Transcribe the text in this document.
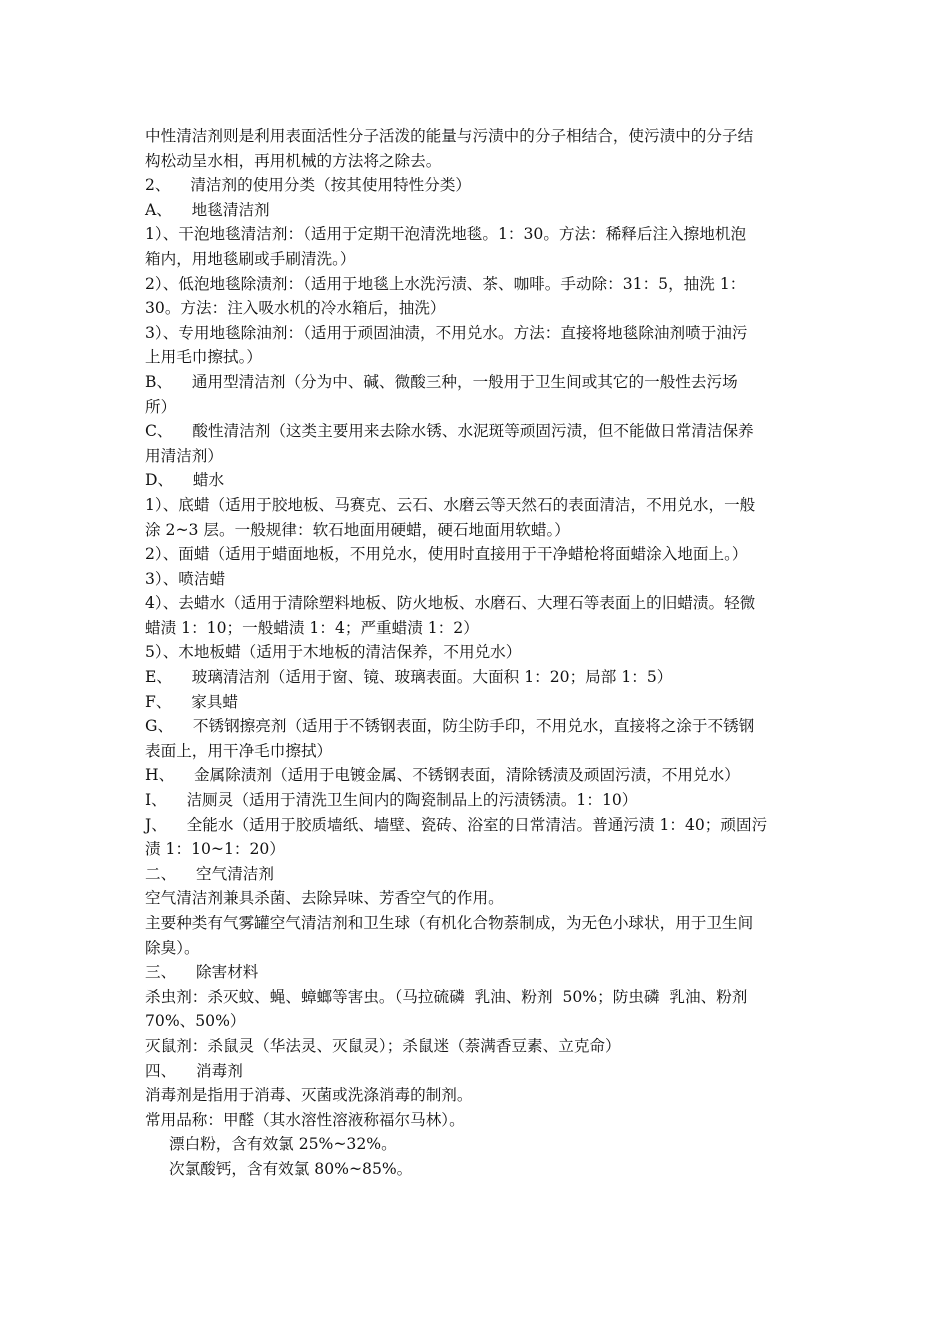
中性清洁剂则是利用表面活性分子活泼的能量与污渍中的分子相结合，使污渍中的分子结

构松动呈水相，再用机械的方法将之除去。

2、    清洁剂的使用分类（按其使用特性分类）

A、    地毯清洁剂

1）、干泡地毯清洁剂：（适用于定期干泡清洗地毯。1：30。方法：稀释后注入擦地机泡

箱内，用地毯刷或手刷清洗。）

2）、低泡地毯除渍剂：（适用于地毯上水洗污渍、茶、咖啡。手动除：31：5，抽洗 1：

30。方法：注入吸水机的冷水箱后，抽洗）

3）、专用地毯除油剂：（适用于顽固油渍，不用兑水。方法：直接将地毯除油剂喷于油污

上用毛巾擦拭。）

B、    通用型清洁剂（分为中、碱、微酸三种，一般用于卫生间或其它的一般性去污场

所）

C、    酸性清洁剂（这类主要用来去除水锈、水泥斑等顽固污渍，但不能做日常清洁保养

用清洁剂）

D、    蜡水

1）、底蜡（适用于胶地板、马赛克、云石、水磨云等天然石的表面清洁，不用兑水，一般

涂 2~3 层。一般规律：软石地面用硬蜡，硬石地面用软蜡。）

2）、面蜡（适用于蜡面地板，不用兑水，使用时直接用于干净蜡枪将面蜡涂入地面上。）

3）、喷洁蜡

4）、去蜡水（适用于清除塑料地板、防火地板、水磨石、大理石等表面上的旧蜡渍。轻微

蜡渍 1：10；一般蜡渍 1：4；严重蜡渍 1：2）

5）、木地板蜡（适用于木地板的清洁保养，不用兑水）

E、    玻璃清洁剂（适用于窗、镜、玻璃表面。大面积 1：20；局部 1：5）

F、    家具蜡

G、    不锈钢擦亮剂（适用于不锈钢表面，防尘防手印，不用兑水，直接将之涂于不锈钢

表面上，用干净毛巾擦拭）

H、    金属除渍剂（适用于电镀金属、不锈钢表面，清除锈渍及顽固污渍，不用兑水）

I、    洁厕灵（适用于清洗卫生间内的陶瓷制品上的污渍锈渍。1：10）

J、    全能水（适用于胶质墙纸、墙壁、瓷砖、浴室的日常清洁。普通污渍 1：40；顽固污

渍 1：10~1：20）

二、    空气清洁剂

空气清洁剂兼具杀菌、去除异味、芳香空气的作用。

主要种类有气雾罐空气清洁剂和卫生球（有机化合物萘制成，为无色小球状，用于卫生间

除臭）。

三、    除害材料

杀虫剂：杀灭蚊、蝇、蟑螂等害虫。（马拉硫磷  乳油、粉剂  50%；防虫磷  乳油、粉剂

70%、50%）

灭鼠剂：杀鼠灵（华法灵、灭鼠灵）；杀鼠迷（萘满香豆素、立克命）

四、    消毒剂

消毒剂是指用于消毒、灭菌或洗涤消毒的制剂。

常用品称：甲醛（其水溶性溶液称福尔马林）。

漂白粉，含有效氯 25%~32%。

次氯酸钙，含有效氯 80%~85%。
